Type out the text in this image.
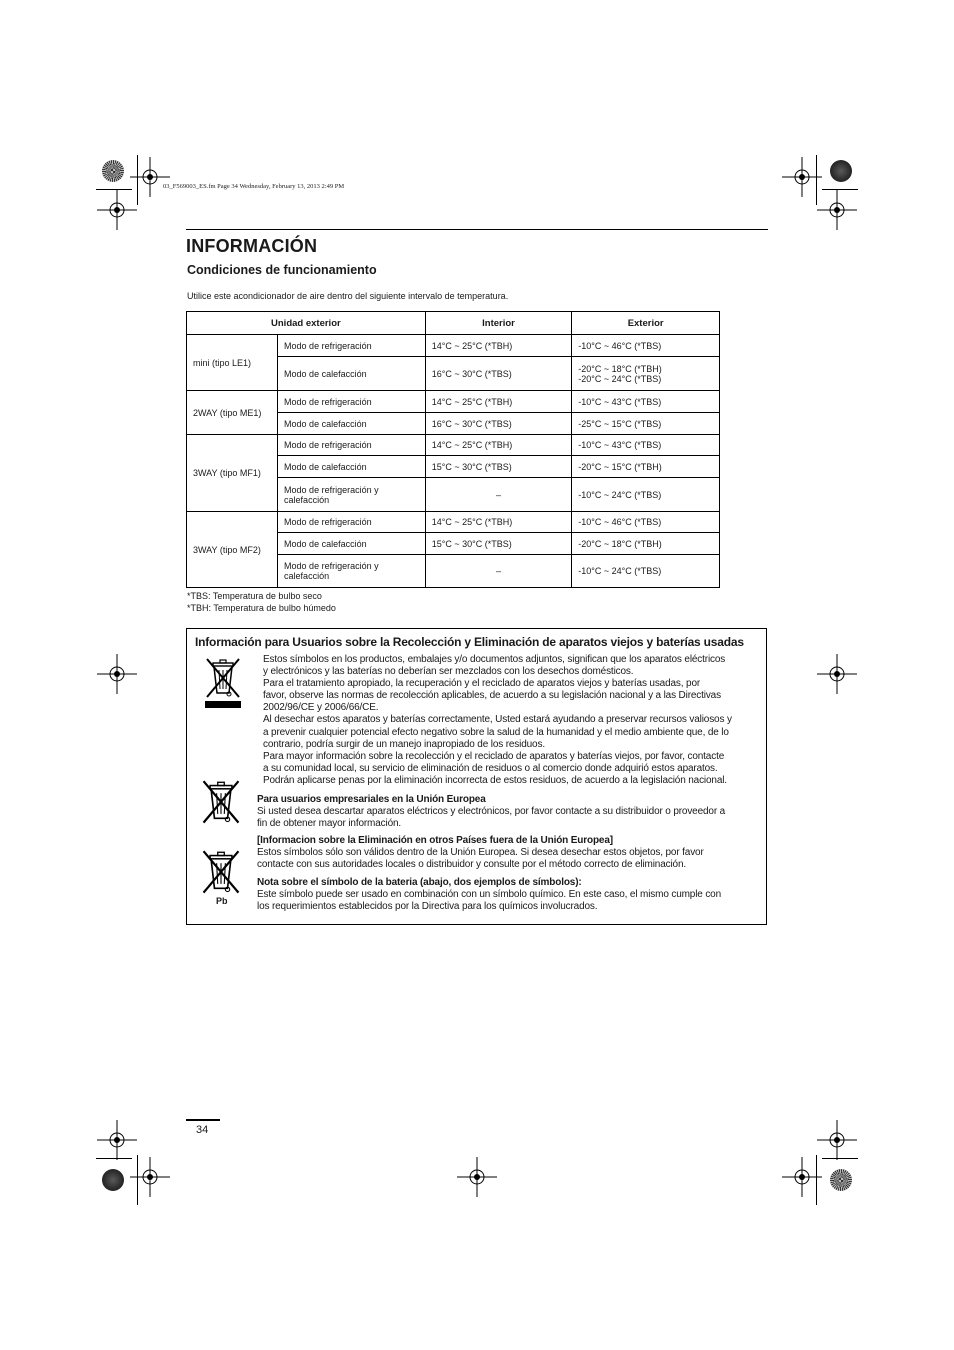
03_F569003_ES.fm Page 34 Wednesday, February 13, 2013 2:49 PM

INFORMACIÓN
Condiciones de funcionamiento

Utilice este acondicionador de aire dentro del siguiente intervalo de temperatura.

Unidad exterior		Interior	Exterior
mini (tipo LE1)	Modo de refrigeración	14°C ~ 25°C (*TBH)	-10°C ~ 46°C (*TBS)
	Modo de calefacción	16°C ~ 30°C (*TBS)	-20°C ~ 18°C (*TBH)
-20°C ~ 24°C (*TBS)

2WAY (tipo ME1)	Modo de refrigeración	14°C ~ 25°C (*TBH)	-10°C ~ 43°C (*TBS)
	Modo de calefacción	16°C ~ 30°C (*TBS)	-25°C ~ 15°C (*TBS)
3WAY (tipo MF1)	Modo de refrigeración	14°C ~ 25°C (*TBH)	-10°C ~ 43°C (*TBS)
	Modo de calefacción	15°C ~ 30°C (*TBS)	-20°C ~ 15°C (*TBH)
	Modo de refrigeración y calefacción	–	-10°C ~ 24°C (*TBS)
3WAY (tipo MF2)	Modo de refrigeración	14°C ~ 25°C (*TBH)	-10°C ~ 46°C (*TBS)
	Modo de calefacción	15°C ~ 30°C (*TBS)	-20°C ~ 18°C (*TBH)
	Modo de refrigeración y calefacción	–	-10°C ~ 24°C (*TBS)

*TBS: Temperatura de bulbo seco

*TBH: Temperatura de bulbo húmedo

Información para Usuarios sobre la Recolección y Eliminación de aparatos viejos y baterías usadas

Estos símbolos en los productos, embalajes y/o documentos adjuntos, significan que los aparatos eléctricos
y electrónicos y las baterías no deberían ser mezclados con los desechos domésticos.
Para el tratamiento apropiado, la recuperación y el reciclado de aparatos viejos y baterías usadas, por
favor, observe las normas de recolección aplicables, de acuerdo a su legislación nacional y a las Directivas
2002/96/CE y 2006/66/CE.
Al desechar estos aparatos y baterías correctamente, Usted estará ayudando a preservar recursos valiosos y
a prevenir cualquier potencial efecto negativo sobre la salud de la humanidad y el medio ambiente que, de lo
contrario, podría surgir de un manejo inapropiado de los residuos.
Para mayor información sobre la recolección y el reciclado de aparatos y baterías viejos, por favor, contacte
a su comunidad local, su servicio de eliminación de residuos o al comercio donde adquirió estos aparatos.
Podrán aplicarse penas por la eliminación incorrecta de estos residuos, de acuerdo a la legislación nacional.

Para usuarios empresariales en la Unión Europea
Si usted desea descartar aparatos eléctricos y electrónicos, por favor contacte a su distribuidor o proveedor a
fin de obtener mayor información.

[Informacion sobre la Eliminación en otros Países fuera de la Unión Europea]
Estos símbolos sólo son válidos dentro de la Unión Europea. Si desea desechar estos objetos, por favor
contacte con sus autoridades locales o distribuidor y consulte por el método correcto de eliminación.

Pb

Nota sobre el símbolo de la bateria (abajo, dos ejemplos de símbolos):
Este símbolo puede ser usado en combinación con un símbolo químico. En este caso, el mismo cumple con
los requerimientos establecidos por la Directiva para los químicos involucrados.

34
